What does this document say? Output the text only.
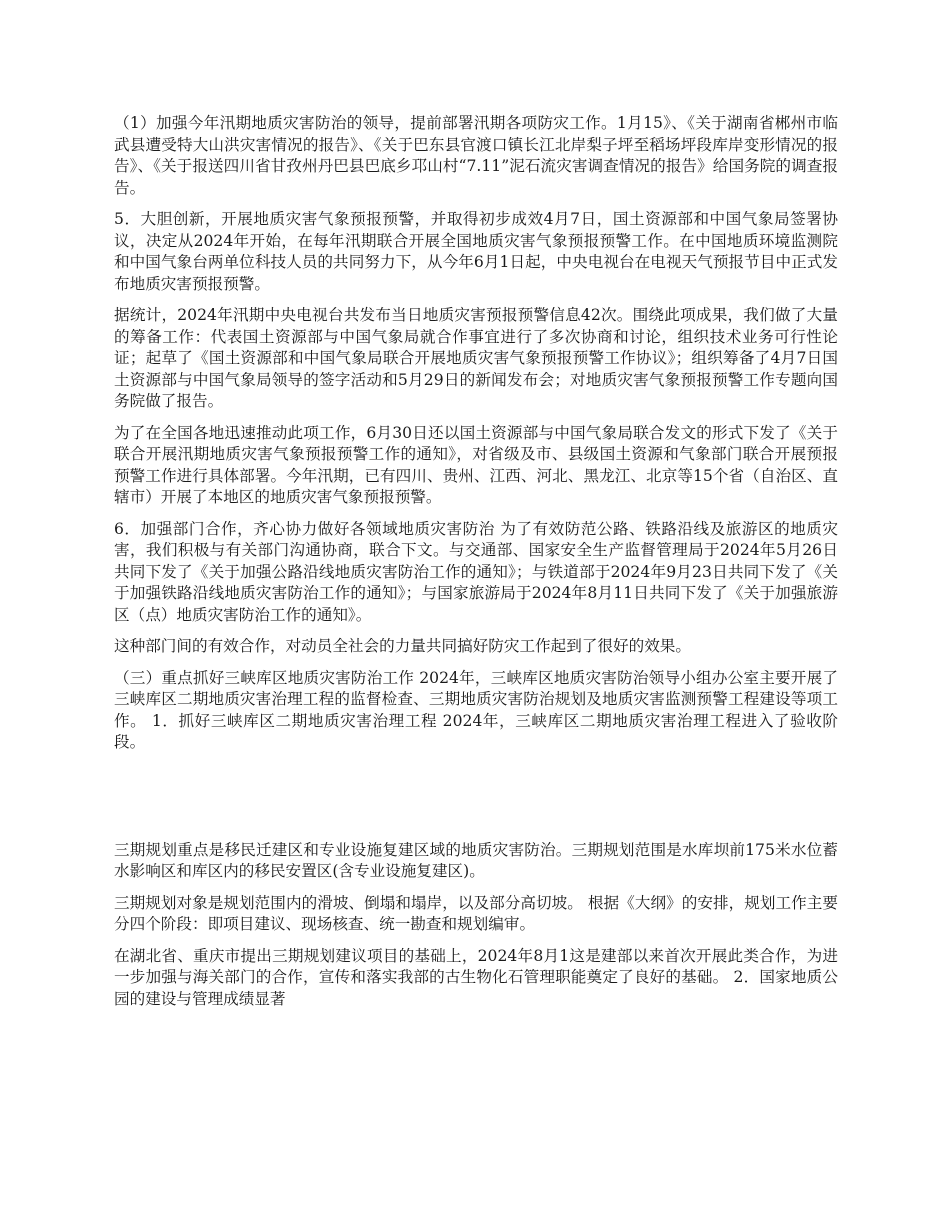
（1）加强今年汛期地质灾害防治的领导，提前部署汛期各项防灾工作。1月15》、《关于湖南省郴州市临武县遭受特大山洪灾害情况的报告》、《关于巴东县官渡口镇长江北岸梨子坪至稻场坪段库岸变形情况的报告》、《关于报送四川省甘孜州丹巴县巴底乡邛山村“7.11”泥石流灾害调查情况的报告》给国务院的调查报告。

5．大胆创新，开展地质灾害气象预报预警，并取得初步成效4月7日，国土资源部和中国气象局签署协议，决定从2024年开始，在每年汛期联合开展全国地质灾害气象预报预警工作。在中国地质环境监测院和中国气象台两单位科技人员的共同努力下，从今年6月1日起，中央电视台在电视天气预报节目中正式发布地质灾害预报预警。

据统计，2024年汛期中央电视台共发布当日地质灾害预报预警信息42次。围绕此项成果，我们做了大量的筹备工作：代表国土资源部与中国气象局就合作事宜进行了多次协商和讨论，组织技术业务可行性论证；起草了《国土资源部和中国气象局联合开展地质灾害气象预报预警工作协议》；组织筹备了4月7日国土资源部与中国气象局领导的签字活动和5月29日的新闻发布会；对地质灾害气象预报预警工作专题向国务院做了报告。

为了在全国各地迅速推动此项工作，6月30日还以国土资源部与中国气象局联合发文的形式下发了《关于联合开展汛期地质灾害气象预报预警工作的通知》，对省级及市、县级国土资源和气象部门联合开展预报预警工作进行具体部署。今年汛期，已有四川、贵州、江西、河北、黑龙江、北京等15个省（自治区、直辖市）开展了本地区的地质灾害气象预报预警。

6．加强部门合作，齐心协力做好各领域地质灾害防治 为了有效防范公路、铁路沿线及旅游区的地质灾害，我们积极与有关部门沟通协商，联合下文。与交通部、国家安全生产监督管理局于2024年5月26日共同下发了《关于加强公路沿线地质灾害防治工作的通知》；与铁道部于2024年9月23日共同下发了《关于加强铁路沿线地质灾害防治工作的通知》；与国家旅游局于2024年8月11日共同下发了《关于加强旅游区（点）地质灾害防治工作的通知》。

这种部门间的有效合作，对动员全社会的力量共同搞好防灾工作起到了很好的效果。

（三）重点抓好三峡库区地质灾害防治工作 2024年，三峡库区地质灾害防治领导小组办公室主要开展了三峡库区二期地质灾害治理工程的监督检查、三期地质灾害防治规划及地质灾害监测预警工程建设等项工作。 1．抓好三峡库区二期地质灾害治理工程 2024年，三峡库区二期地质灾害治理工程进入了验收阶段。

三期规划重点是移民迁建区和专业设施复建区域的地质灾害防治。三期规划范围是水库坝前175米水位蓄水影响区和库区内的移民安置区(含专业设施复建区)。

三期规划对象是规划范围内的滑坡、倒塌和塌岸，以及部分高切坡。 根据《大纲》的安排，规划工作主要分四个阶段：即项目建议、现场核查、统一勘查和规划编审。

在湖北省、重庆市提出三期规划建议项目的基础上，2024年8月1这是建部以来首次开展此类合作，为进一步加强与海关部门的合作，宣传和落实我部的古生物化石管理职能奠定了良好的基础。 2．国家地质公园的建设与管理成绩显著
